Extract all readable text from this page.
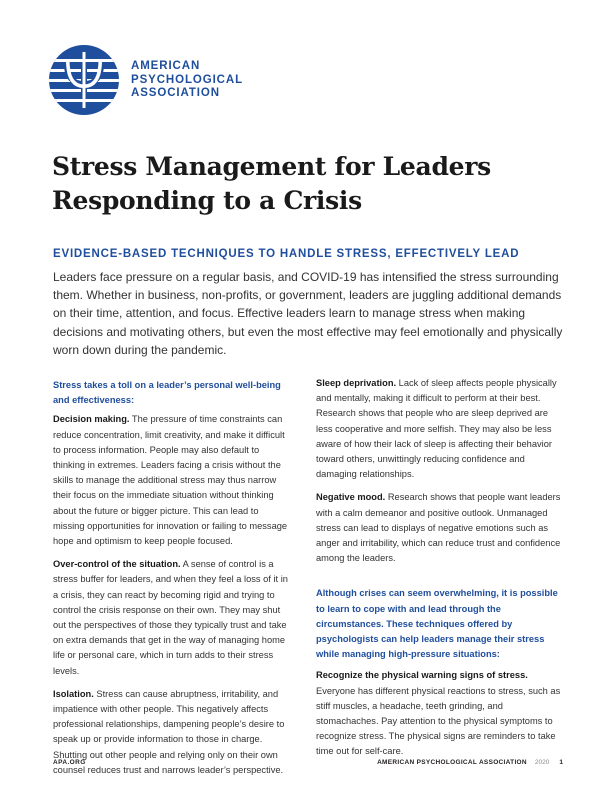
AMERICAN
PSYCHOLOGICAL
ASSOCIATION
Stress Management for Leaders
Responding to a Crisis
EVIDENCE-BASED TECHNIQUES TO HANDLE STRESS, EFFECTIVELY LEAD

Leaders face pressure on a regular basis, and COVID-19 has intensified the stress surrounding them. Whether in business, non-profits, or government, leaders are juggling additional demands on their time, attention, and focus. Effective leaders learn to manage stress when making decisions and motivating others, but even the most effective may feel emotionally and physically worn down during the pandemic.

Stress takes a toll on a leader’s personal well-being and effectiveness:

Decision making. The pressure of time constraints can reduce concentration, limit creativity, and make it difficult to process information. People may also default to thinking in extremes. Leaders facing a crisis without the skills to manage the additional stress may thus narrow their focus on the immediate situation without thinking about the future or bigger picture. This can lead to missing opportunities for innovation or failing to message hope and optimism to keep people focused.

Over-control of the situation. A sense of control is a stress buffer for leaders, and when they feel a loss of it in a crisis, they can react by becoming rigid and trying to control the crisis response on their own. They may shut out the perspectives of those they typically trust and take on extra demands that get in the way of managing home life or personal care, which in turn adds to their stress levels.

Isolation. Stress can cause abruptness, irritability, and impatience with other people. This negatively affects professional relationships, dampening people’s desire to speak up or provide information to those in charge. Shutting out other people and relying only on their own counsel reduces trust and narrows leader’s perspective.

Sleep deprivation. Lack of sleep affects people physically and mentally, making it difficult to perform at their best. Research shows that people who are sleep deprived are less cooperative and more selfish. They may also be less aware of how their lack of sleep is affecting their behavior toward others, unwittingly reducing confidence and damaging relationships.

Negative mood. Research shows that people want leaders with a calm demeanor and positive outlook. Unmanaged stress can lead to displays of negative emotions such as anger and irritability, which can reduce trust and confidence among the leaders.

Although crises can seem overwhelming, it is possible to learn to cope with and lead through the circumstances. These techniques offered by psychologists can help leaders manage their stress while managing high-pressure situations:

Recognize the physical warning signs of stress.

Everyone has different physical reactions to stress, such as stiff muscles, a headache, teeth grinding, and stomachaches. Pay attention to the physical symptoms to recognize stress. The physical signs are reminders to take time out for self-care.

APA.ORG	AMERICAN PSYCHOLOGICAL ASSOCIATION 2020 1
